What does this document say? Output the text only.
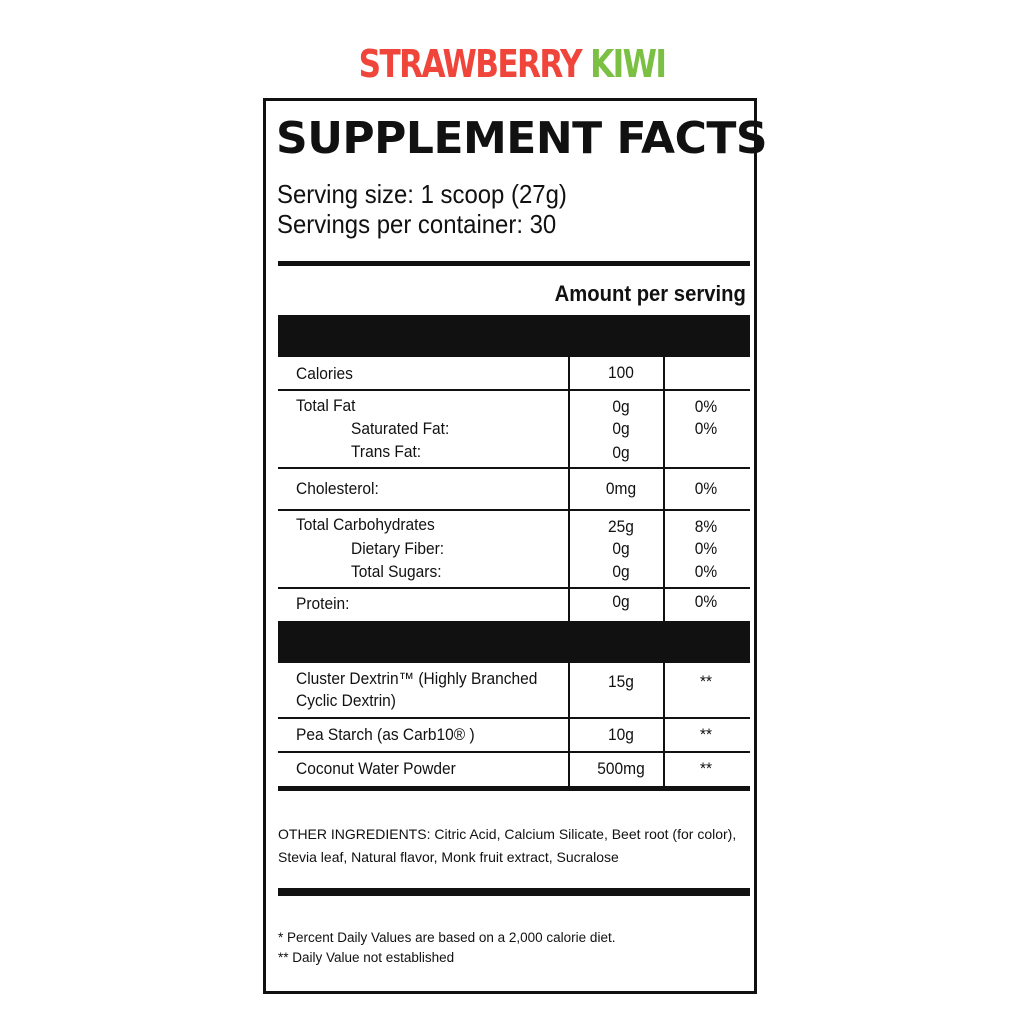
STRAWBERRY KIWI
SUPPLEMENT FACTS
Serving size: 1 scoop (27g)
Servings per container: 30
Amount per serving
Calories	100
Total Fat	0g	0%
Saturated Fat:	0g	0%
Trans Fat:	0g
Cholesterol:	0mg	0%
Total Carbohydrates	25g	8%
Dietary Fiber:	0g	0%
Total Sugars:	0g	0%
Protein:	0g	0%
Cluster Dextrin™ (Highly Branched
Cyclic Dextrin)
15g	**
Pea Starch (as Carb10® )	10g	**
Coconut Water Powder	500mg	**
OTHER INGREDIENTS: Citric Acid, Calcium Silicate, Beet root (for color), Stevia leaf, Natural flavor, Monk fruit extract, Sucralose
* Percent Daily Values are based on a 2,000 calorie diet.
** Daily Value not established
